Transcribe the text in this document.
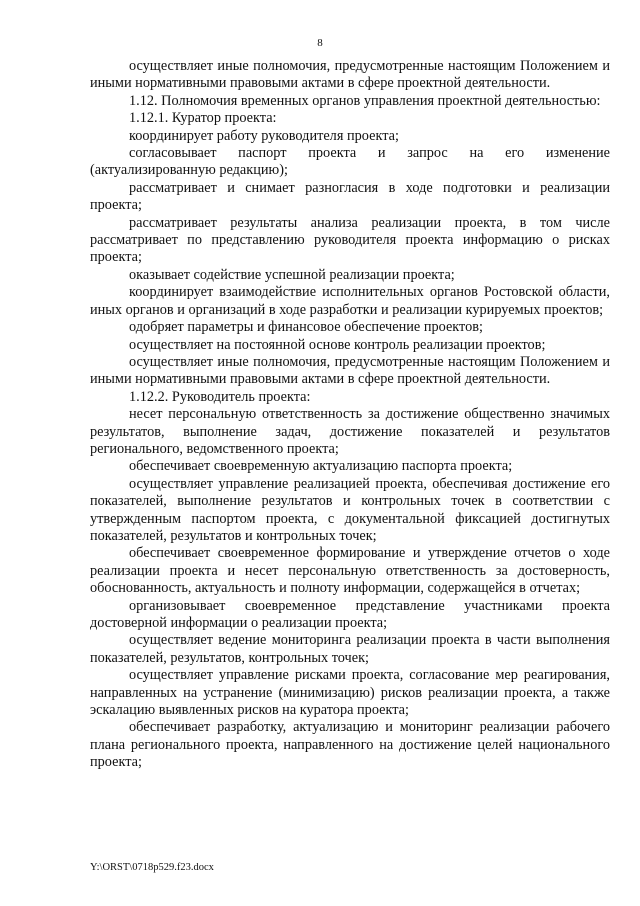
8

осуществляет иные полномочия, предусмотренные настоящим Положением и иными нормативными правовыми актами в сфере проектной деятельности.

1.12. Полномочия временных органов управления проектной деятельностью:

1.12.1. Куратор проекта:

координирует работу руководителя проекта;

согласовывает паспорт проекта и запрос на его изменение (актуализированную редакцию);

рассматривает и снимает разногласия в ходе подготовки и реализации проекта;

рассматривает результаты анализа реализации проекта, в том числе рассматривает по представлению руководителя проекта информацию о рисках проекта;

оказывает содействие успешной реализации проекта;

координирует взаимодействие исполнительных органов Ростовской области, иных органов и организаций в ходе разработки и реализации курируемых проектов;

одобряет параметры и финансовое обеспечение проектов;

осуществляет на постоянной основе контроль реализации проектов;

осуществляет иные полномочия, предусмотренные настоящим Положением и иными нормативными правовыми актами в сфере проектной деятельности.

1.12.2. Руководитель проекта:

несет персональную ответственность за достижение общественно значимых результатов, выполнение задач, достижение показателей и результатов регионального, ведомственного проекта;

обеспечивает своевременную актуализацию паспорта проекта;

осуществляет управление реализацией проекта, обеспечивая достижение его показателей, выполнение результатов и контрольных точек в соответствии с утвержденным паспортом проекта, с документальной фиксацией достигнутых показателей, результатов и контрольных точек;

обеспечивает своевременное формирование и утверждение отчетов о ходе реализации проекта и несет персональную ответственность за достоверность, обоснованность, актуальность и полноту информации, содержащейся в отчетах;

организовывает своевременное представление участниками проекта достоверной информации о реализации проекта;

осуществляет ведение мониторинга реализации проекта в части выполнения показателей, результатов, контрольных точек;

осуществляет управление рисками проекта, согласование мер реагирования, направленных на устранение (минимизацию) рисков реализации проекта, а также эскалацию выявленных рисков на куратора проекта;

обеспечивает разработку, актуализацию и мониторинг реализации рабочего плана регионального проекта, направленного на достижение целей национального проекта;

Y:\ORST\0718p529.f23.docx
